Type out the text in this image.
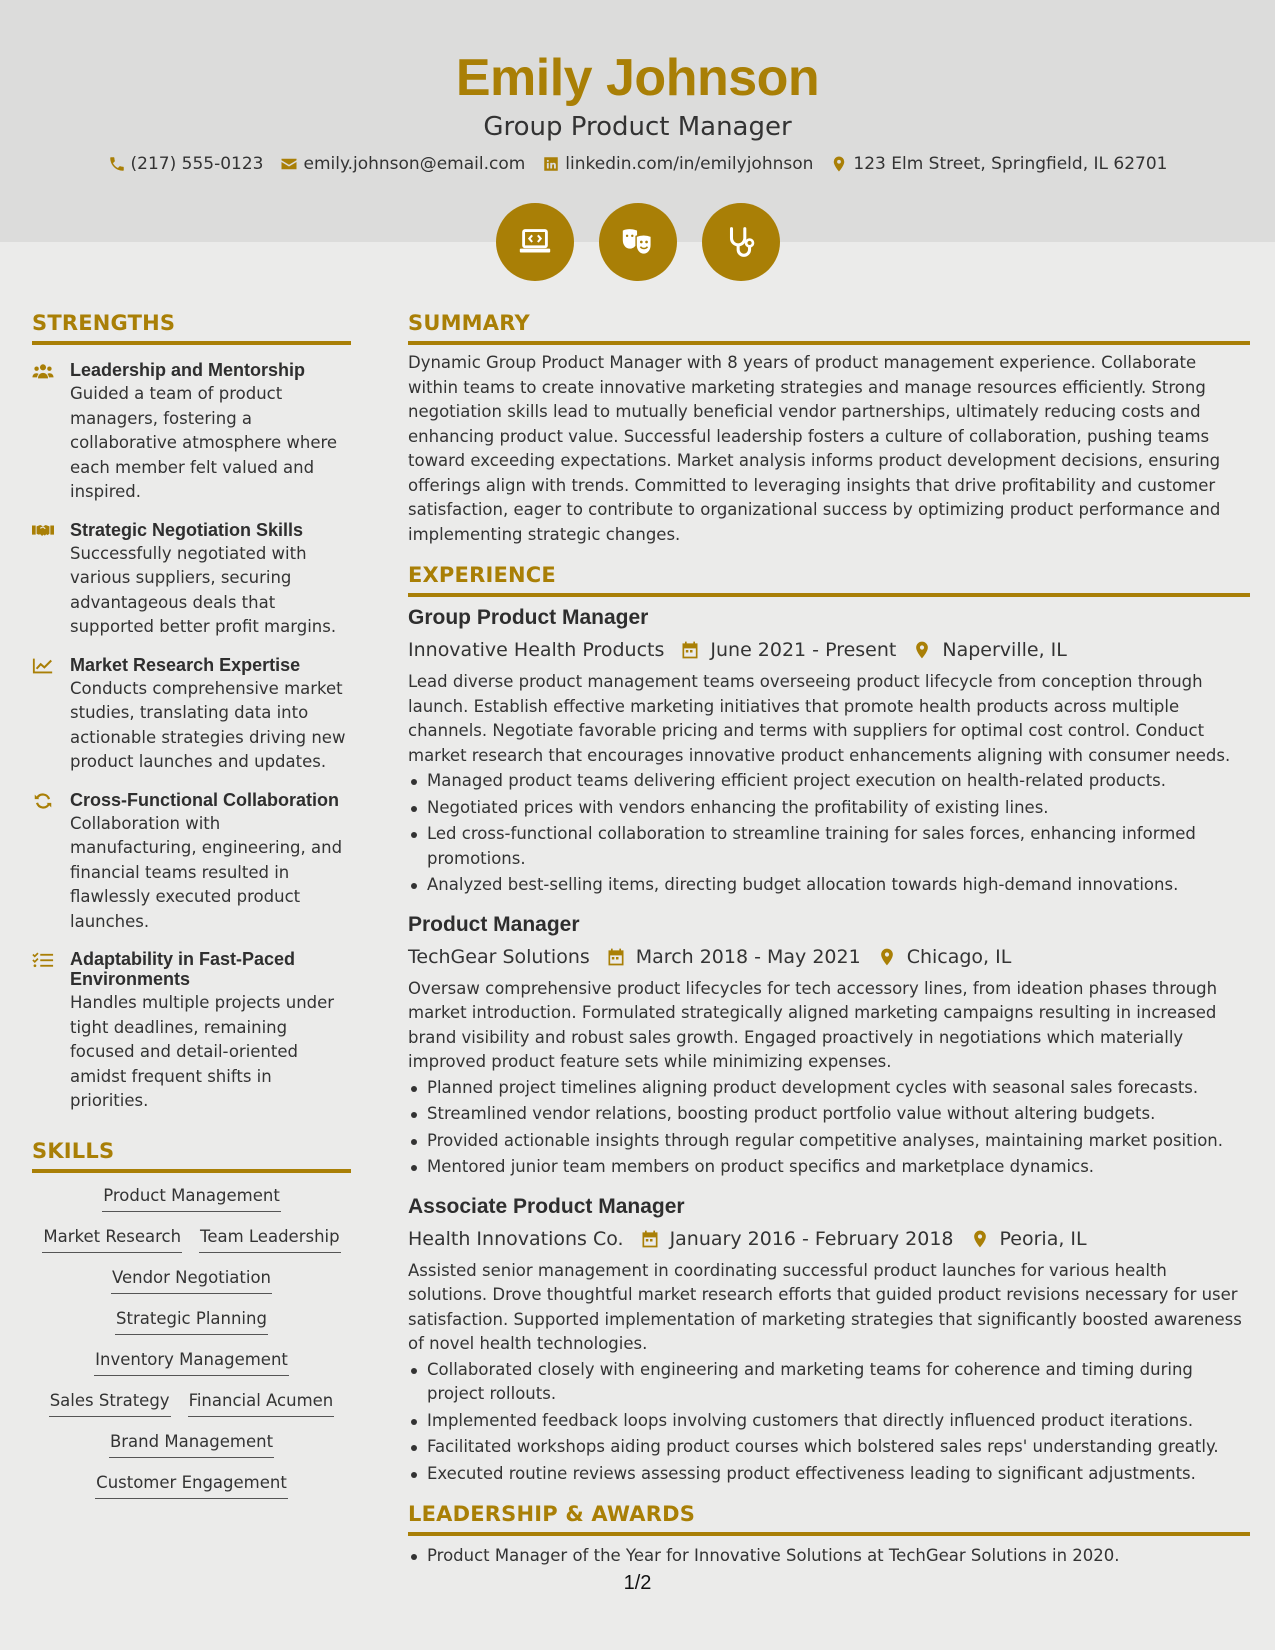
Emily Johnson
Group Product Manager
(217) 555-0123 emily.johnson@email.com linkedin.com/in/emilyjohnson 123 Elm Street, Springfield, IL 62701
STRENGTHS
Leadership and Mentorship
Guided a team of product managers, fostering a collaborative atmosphere where each member felt valued and inspired.
Strategic Negotiation Skills
Successfully negotiated with various suppliers, securing advantageous deals that supported better profit margins.
Market Research Expertise
Conducts comprehensive market studies, translating data into actionable strategies driving new product launches and updates.
Cross-Functional Collaboration
Collaboration with manufacturing, engineering, and financial teams resulted in flawlessly executed product launches.
Adaptability in Fast-Paced Environments
Handles multiple projects under tight deadlines, remaining focused and detail-oriented amidst frequent shifts in priorities.
SKILLS
Product Management
Market Research Team Leadership
Vendor Negotiation
Strategic Planning
Inventory Management
Sales Strategy Financial Acumen
Brand Management
Customer Engagement
SUMMARY
Dynamic Group Product Manager with 8 years of product management experience. Collaborate within teams to create innovative marketing strategies and manage resources efficiently. Strong negotiation skills lead to mutually beneficial vendor partnerships, ultimately reducing costs and enhancing product value. Successful leadership fosters a culture of collaboration, pushing teams toward exceeding expectations. Market analysis informs product development decisions, ensuring offerings align with trends. Committed to leveraging insights that drive profitability and customer satisfaction, eager to contribute to organizational success by optimizing product performance and implementing strategic changes.
EXPERIENCE
Group Product Manager
Innovative Health Products June 2021 - Present Naperville, IL
Lead diverse product management teams overseeing product lifecycle from conception through launch. Establish effective marketing initiatives that promote health products across multiple channels. Negotiate favorable pricing and terms with suppliers for optimal cost control. Conduct market research that encourages innovative product enhancements aligning with consumer needs.
Managed product teams delivering efficient project execution on health-related products.
Negotiated prices with vendors enhancing the profitability of existing lines.
Led cross-functional collaboration to streamline training for sales forces, enhancing informed promotions.
Analyzed best-selling items, directing budget allocation towards high-demand innovations.
Product Manager
TechGear Solutions March 2018 - May 2021 Chicago, IL
Oversaw comprehensive product lifecycles for tech accessory lines, from ideation phases through market introduction. Formulated strategically aligned marketing campaigns resulting in increased brand visibility and robust sales growth. Engaged proactively in negotiations which materially improved product feature sets while minimizing expenses.
Planned project timelines aligning product development cycles with seasonal sales forecasts.
Streamlined vendor relations, boosting product portfolio value without altering budgets.
Provided actionable insights through regular competitive analyses, maintaining market position.
Mentored junior team members on product specifics and marketplace dynamics.
Associate Product Manager
Health Innovations Co. January 2016 - February 2018 Peoria, IL
Assisted senior management in coordinating successful product launches for various health solutions. Drove thoughtful market research efforts that guided product revisions necessary for user satisfaction. Supported implementation of marketing strategies that significantly boosted awareness of novel health technologies.
Collaborated closely with engineering and marketing teams for coherence and timing during project rollouts.
Implemented feedback loops involving customers that directly influenced product iterations.
Facilitated workshops aiding product courses which bolstered sales reps' understanding greatly.
Executed routine reviews assessing product effectiveness leading to significant adjustments.
LEADERSHIP & AWARDS
Product Manager of the Year for Innovative Solutions at TechGear Solutions in 2020.
1/2
